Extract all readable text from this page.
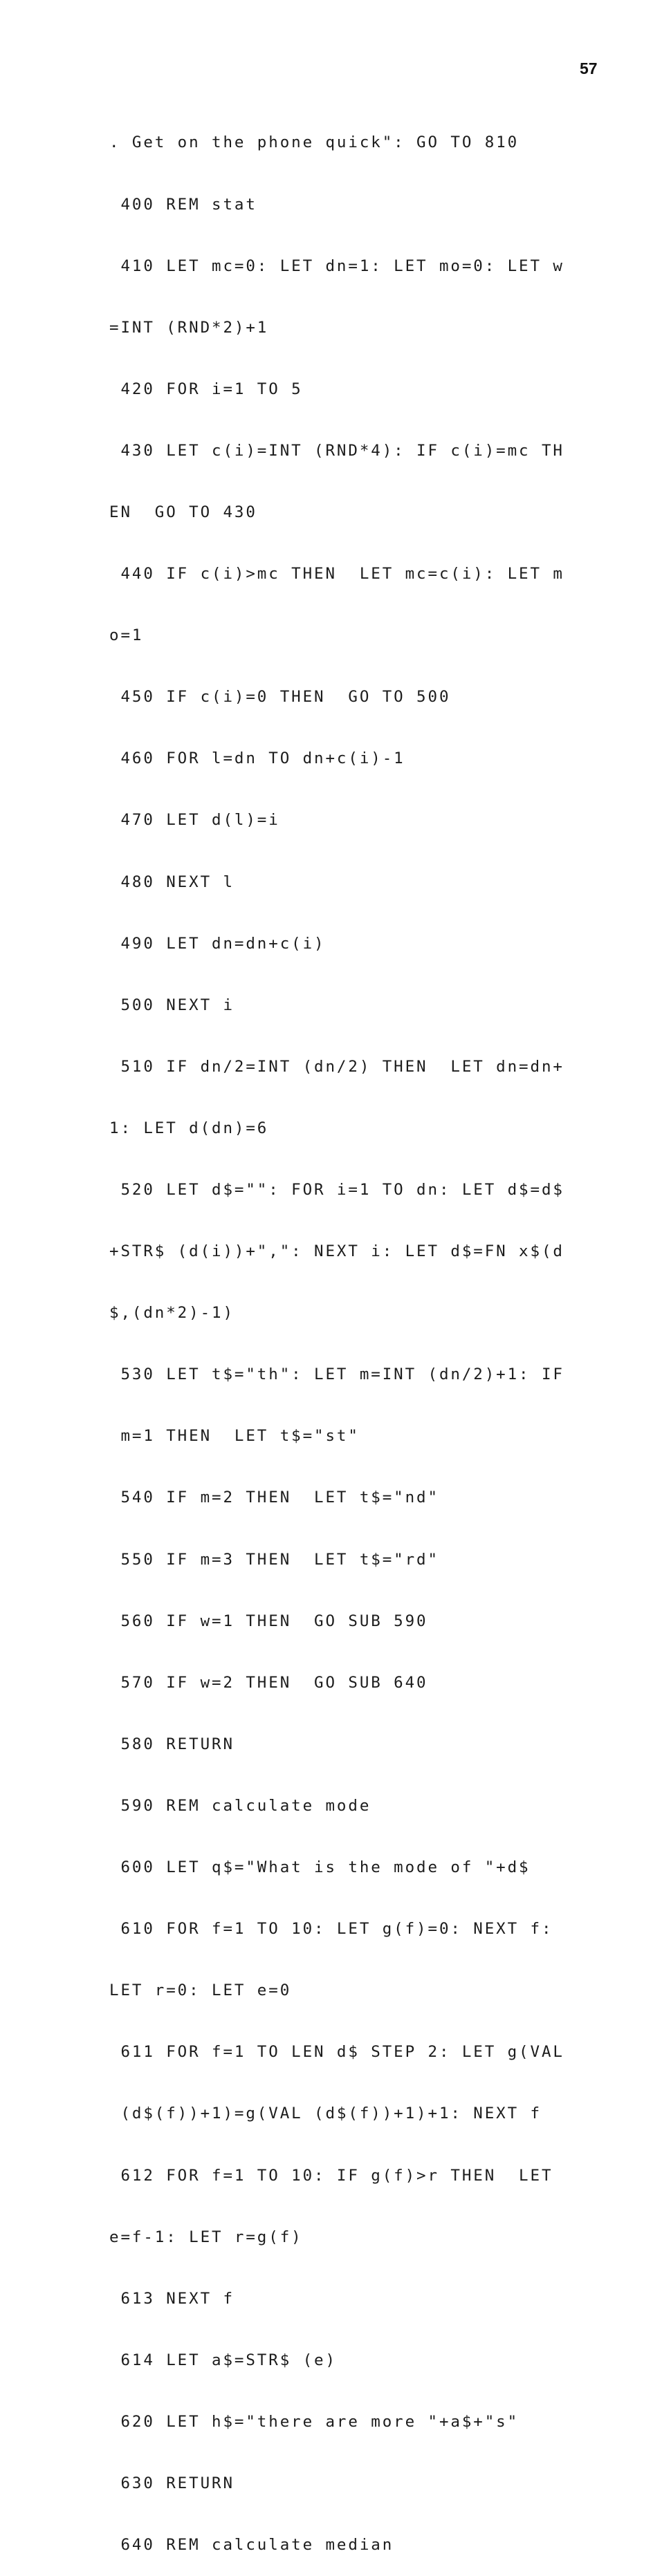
57

. Get on the phone quick": GO TO 810

400 REM stat

410 LET mc=0: LET dn=1: LET mo=0: LET w

=INT (RND*2)+1

420 FOR i=1 TO 5

430 LET c(i)=INT (RND*4): IF c(i)=mc TH

EN  GO TO 430

440 IF c(i)>mc THEN  LET mc=c(i): LET m

o=1

450 IF c(i)=0 THEN  GO TO 500

460 FOR l=dn TO dn+c(i)-1

470 LET d(l)=i

480 NEXT l

490 LET dn=dn+c(i)

500 NEXT i

510 IF dn/2=INT (dn/2) THEN  LET dn=dn+

1: LET d(dn)=6

520 LET d$="": FOR i=1 TO dn: LET d$=d$

+STR$ (d(i))+",": NEXT i: LET d$=FN x$(d

$,(dn*2)-1)

530 LET t$="th": LET m=INT (dn/2)+1: IF

m=1 THEN  LET t$="st"

540 IF m=2 THEN  LET t$="nd"

550 IF m=3 THEN  LET t$="rd"

560 IF w=1 THEN  GO SUB 590

570 IF w=2 THEN  GO SUB 640

580 RETURN

590 REM calculate mode

600 LET q$="What is the mode of "+d$

610 FOR f=1 TO 10: LET g(f)=0: NEXT f:

LET r=0: LET e=0

611 FOR f=1 TO LEN d$ STEP 2: LET g(VAL

(d$(f))+1)=g(VAL (d$(f))+1)+1: NEXT f

612 FOR f=1 TO 10: IF g(f)>r THEN  LET

e=f-1: LET r=g(f)

613 NEXT f

614 LET a$=STR$ (e)

620 LET h$="there are more "+a$+"s"

630 RETURN

640 REM calculate median
